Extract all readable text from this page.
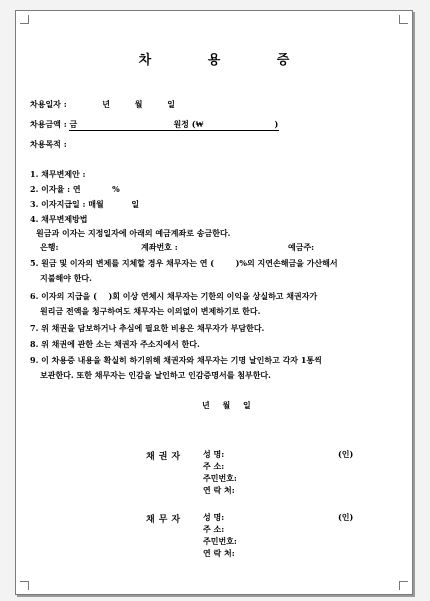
차 용 증
차용일자 :	년 월 일
차용금액 : 금	원정 (₩	)
차용목적 :
1. 채무변제안 :
2. 이자율 : 연	%
3. 이자지급일 : 매월	일
4. 채무변제방법
원금과 이자는 지정일자에 아래의 예금계좌로 송금한다.
은행:	계좌번호 :	예금주:
5. 원금 및 이자의 변제를 지체할 경우 채무자는 연 (	)%의 지연손해금을 가산해서
지불해야 한다.
6. 이자의 지급을 ( )회 이상 연체시 채무자는 기한의 이익을 상실하고 채권자가
원리금 전액을 청구하여도 채무자는 이의없이 변제하기로 한다.
7. 위 채권을 담보하거나 추심에 필요한 비용은 채무자가 부담한다.
8. 위 채권에 관한 소는 채권자 주소지에서 한다.
9. 이 차용증 내용을 확실히 하기위해 채권자와 채무자는 기명 날인하고 각자 1통씩
보관한다. 또한 채무자는 인감을 날인하고 인감증명서를 첨부한다.
년 월 일
채권자 성 명:
주 소:
주민번호:
연 락 처:
(인)
채무자 성 명:
주 소:
주민번호:
연 락 처:
(인)
